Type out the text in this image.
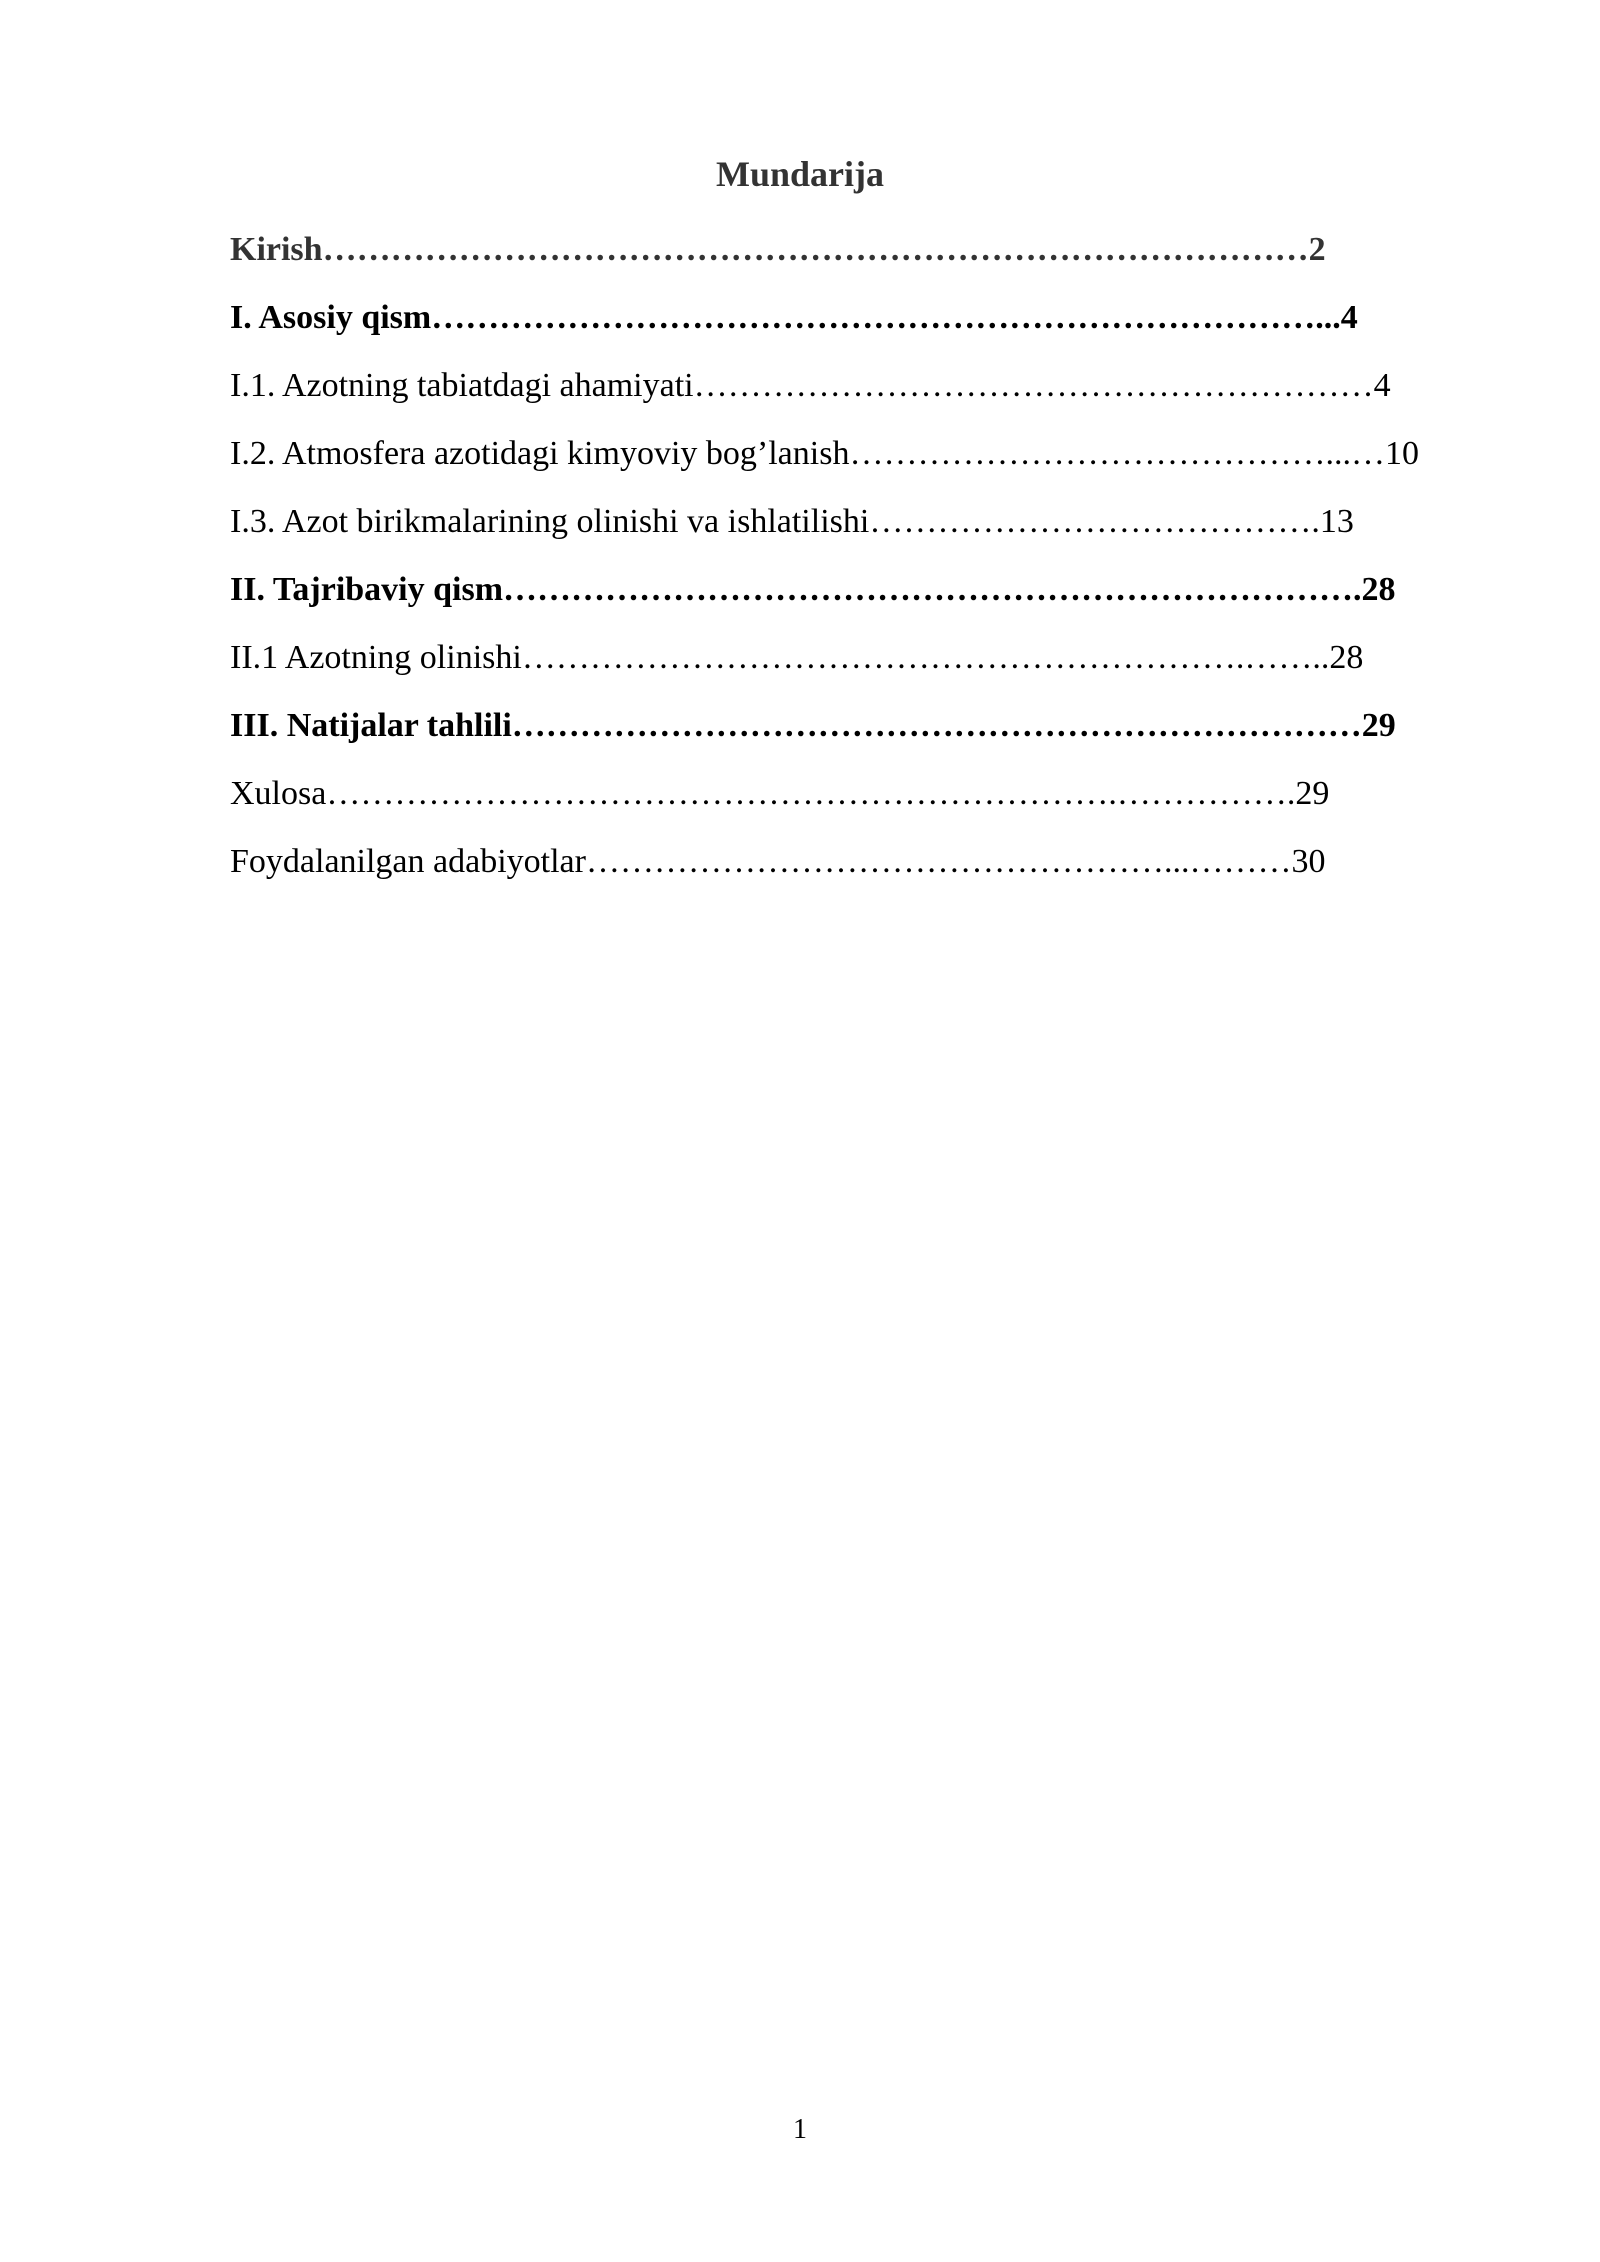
Mundarija
Kirish……………………………………………………………………………2
I. Asosiy qism……………………………………………………………………...4
I.1. Azotning tabiatdagi ahamiyati……………………………………………………4
I.2. Atmosfera azotidagi kimyoviy bog’lanish……………………………………...…10
I.3. Azot birikmalarining olinishi va ishlatilishi………………………………….13
II. Tajribaviy qism………………………………………………………………….28
II.1 Azotning olinishi……………………………………………………….……..28
III. Natijalar tahlili…………………………………………………………………29
Xulosa…………………………………………………………….…………….29
Foydalanilgan adabiyotlar……………………………………………...………30
1
